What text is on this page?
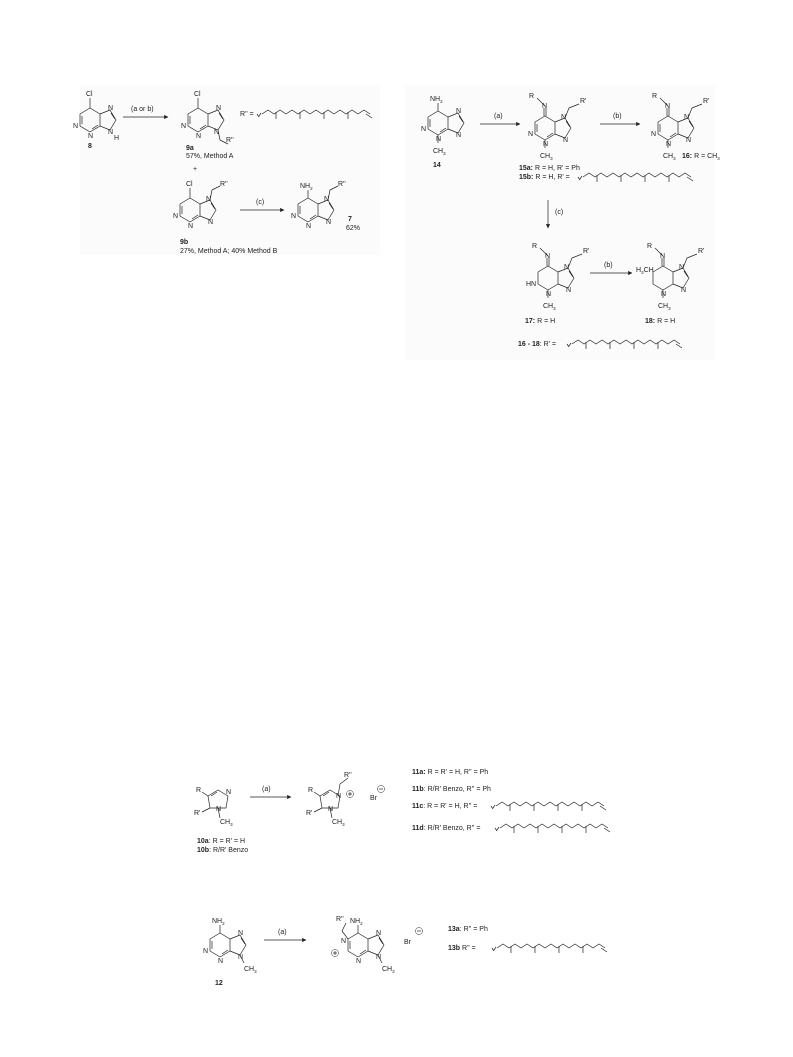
Cl
N
N
N
N
H
8
(a or b)
Cl
N
N
N
N
R''
R'' =
9a
57%, Method A
+
Cl
N
N
N
N
R''
9b
27%, Method A; 40% Method B
(c)
$NH_2$
N
N
N
N
R''
7
62%
$NH_2$
N
N
N
N
$CH_3$
14
(a)
N
R
R'
N
N
N
N
$CH_3$
15a: R = H, R' = Ph
15b: R = H, R' =
(b)
N
R
R'
N
N
N
N
$CH_3$ 16: $R = CH_3$
(c)
N
R
R'
HN
N
N
N
$CH_3$
17: R = H
(b)
N
R
R'
$H_3CH$
N
N
N
$CH_3$
18: R = H
16 - 18: R' =
N
N
R
R'
$CH_3$
10a: R = R' = H
10b: R/R' Benzo
(a)
N
N
R
R'
R''
$CH_3$
Br
11a: R = R' = H, R'' = Ph
11b: R/R' Benzo, R'' = Ph
11c: R = R' = H, R'' =
11d: R/R' Benzo, R'' =
$NH_2$
N
N
N
N
$CH_3$
12
(a)
$NH_2$
N
N
N
N
R''
$CH_3$
Br
13a: R'' = Ph
13b R'' =
